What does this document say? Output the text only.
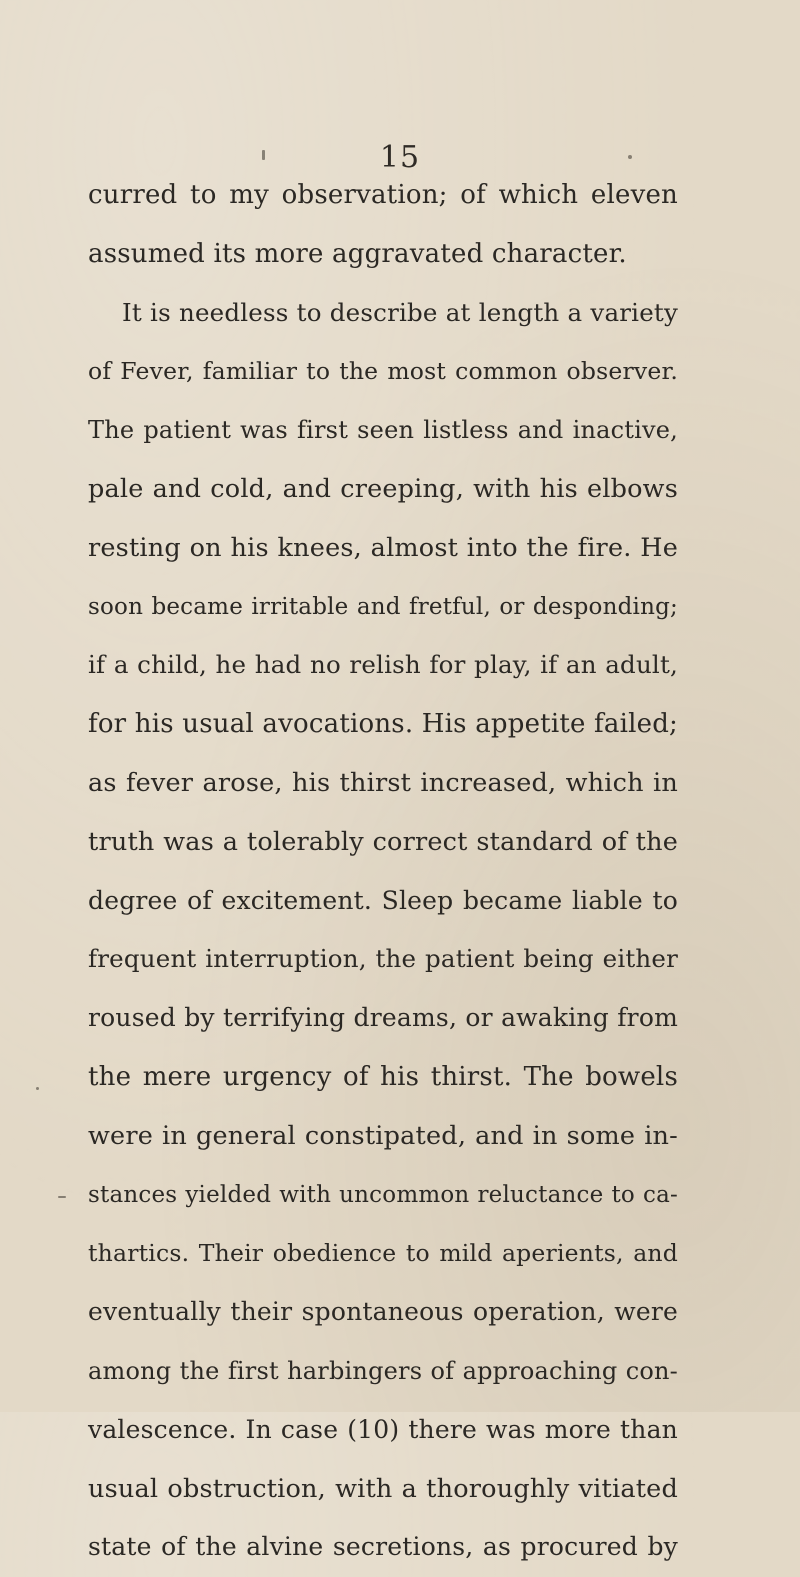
15
curred to my observation; of which eleven
assumed its more aggravated character.
It is needless to describe at length a variety
of Fever, familiar to the most common observer.
The patient was first seen listless and inactive,
pale and cold, and creeping, with his elbows
resting on his knees, almost into the fire. He
soon became irritable and fretful, or desponding;
if a child, he had no relish for play, if an adult,
for his usual avocations. His appetite failed;
as fever arose, his thirst increased, which in
truth was a tolerably correct standard of the
degree of excitement. Sleep became liable to
frequent interruption, the patient being either
roused by terrifying dreams, or awaking from
the mere urgency of his thirst. The bowels
were in general constipated, and in some in-
stances yielded with uncommon reluctance to ca-
thartics. Their obedience to mild aperients, and
eventually their spontaneous operation, were
among the first harbingers of approaching con-
valescence. In case (10) there was more than
usual obstruction, with a thoroughly vitiated
state of the alvine secretions, as procured by
